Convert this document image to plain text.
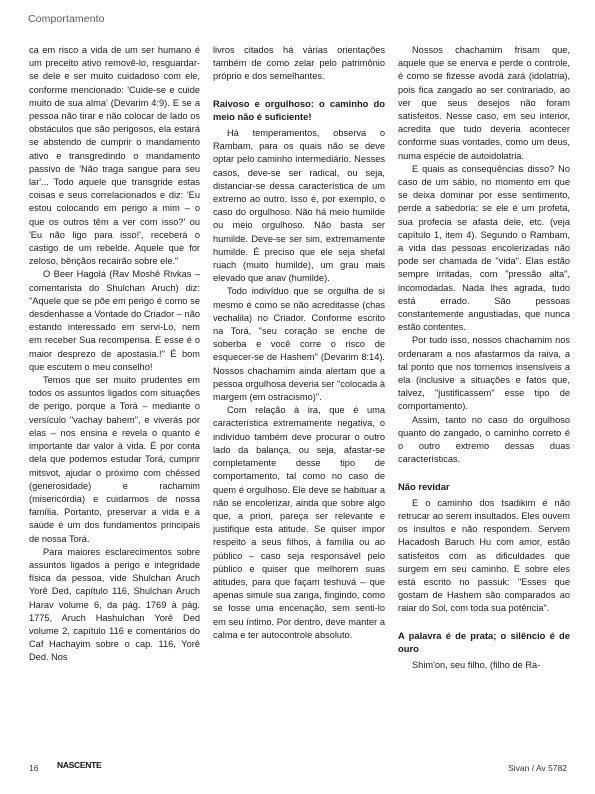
Comportamento

ca em risco a vida de um ser humano é um preceito ativo removê-lo, resguardar-se dele e ser muito cuidadoso com ele, conforme mencionado: 'Cuide-se e cuide muito de sua alma' (Devarim 4:9). E se a pessoa não tirar e não colocar de lado os obstáculos que são perigosos, ela estará se abstendo de cumprir o mandamento ativo e transgredindo o mandamento passivo de 'Não traga sangue para seu lar'... Todo aquele que transgride estas coisas e seus correlacionados e diz: 'Eu estou colocando em perigo a mim – o que os outros têm a ver com isso?' ou 'Eu não ligo para isso!', receberá o castigo de um rebelde. Aquele que for zeloso, bênçãos recairão sobre ele."

O Beer Hagolá (Rav Moshê Rivkas – comentarista do Shulchan Aruch) diz: "Aquele que se põe em perigo é como se desdenhasse a Vontade do Criador – não estando interessado em servi-Lo, nem em receber Sua recompensa. E esse é o maior desprezo de apostasia.!" É bom que escutem o meu conselho!

Temos que ser muito prudentes em todos os assuntos ligados com situações de perigo, porque a Torá – mediante o versículo "vachay bahem", e viverás por elas – nos ensina e revela o quanto é importante dar valor à vida. É por conta dela que podemos estudar Torá, cumprir mitsvot, ajudar o próximo com chêssed (generosidade) e rachamim (misericórdia) e cuidarmos de nossa família. Portanto, preservar a vida e a saúde é um dos fundamentos principais de nossa Torá.

Para maiores esclarecimentos sobre assuntos ligados a perigo e integridade física da pessoa, vide Shulchan Aruch Yorê Ded, capítulo 116, Shulchan Aruch Harav volume 6, da pág. 1769 à pág. 1775, Aruch Hashulchan Yorê Ded volume 2, capítulo 116 e comentários do Caf Hachayim sobre o cap. 116, Yorê Ded. Nos

livros citados há várias orientações também de como zelar pelo patrimônio próprio e dos semelhantes.

Raivoso e orgulhoso: o caminho do meio não é suficiente!

Há temperamentos, observa o Rambam, para os quais não se deve optar pelo caminho intermediário. Nesses casos, deve-se ser radical, ou seja, distanciar-se dessa característica de um extremo ao outro. Isso é, por exemplo, o caso do orgulhoso. Não há meio humilde ou meio orgulhoso. Não basta ser humilde. Deve-se ser sim, extremamente humilde. É preciso que ele seja shefal ruach (muito humilde), um grau mais elevado que anav (humilde).

Todo indivíduo que se orgulha de si mesmo é como se não acreditasse (chas vechalila) no Criador. Conforme escrito na Torá, "seu coração se enche de soberba e você corre o risco de esquecer-se de Hashem" (Devarim 8:14). Nossos chachamim ainda alertam que a pessoa orgulhosa deveria ser "colocada à margem (em ostracismo)".

Com relação à ira, que é uma característica extremamente negativa, o indivíduo também deve procurar o outro lado da balança, ou seja, afastar-se completamente desse tipo de comportamento, tal como no caso de quem é orgulhoso. Ele deve se habituar a não se encolerizar, ainda que sobre algo que, a priori, pareça ser relevante e justifique esta atitude. Se quiser impor respeito a seus filhos, à família ou ao público – caso seja responsável pelo público e quiser que melhorem suas atitudes, para que façam teshuvá – que apenas simule sua zanga, fingindo, como se fosse uma encenação, sem senti-lo em seu íntimo. Por dentro, deve manter a calma e ter autocontrole absoluto.

Nossos chachamim frisam que, aquele que se enerva e perde o controle, é como se fizesse avodá zará (idolatria), pois fica zangado ao ser contrariado, ao ver que seus desejos não foram satisfeitos. Nesse caso, em seu interior, acredita que tudo deveria acontecer conforme suas vontades, como um deus, numa espécie de autoidolatria.

E quais as consequências disso? No caso de um sábio, no momento em que se deixa dominar por esse sentimento, perde a sabedoria; se ele é um profeta, sua profecia se afasta dele, etc. (veja capítulo 1, item 4). Segundo o Rambam, a vida das pessoas encolerizadas não pode ser chamada de "vida". Elas estão sempre irritadas, com "pressão alta", incomodadas. Nada lhes agrada, tudo está errado. São pessoas constantemente angustiadas, que nunca estão contentes.

Por tudo isso, nossos chachamim nos ordenaram a nos afastarmos da raiva, a tal ponto que nos tornemos insensíveis a ela (inclusive a situações e fatos que, talvez, "justificassem" esse tipo de comportamento).

Assim, tanto no caso do orgulhoso quanto do zangado, o caminho correto é o outro extremo dessas duas características.

Não revidar

E o caminho dos tsadikim é não retrucar ao serem insultados. Eles ouvem os insultos e não respondem. Servem Hacadosh Baruch Hu com amor, estão satisfeitos com as dificuldades que surgem em seu caminho. E sobre eles está escrito no passuk: "Esses que gostam de Hashem são comparados ao raiar do Sol, com toda sua potência".

A palavra é de prata; o silêncio é de ouro

Shim'on, seu filho, (filho de Ra-

16 NASCENTE	Sivan / Av 5782
